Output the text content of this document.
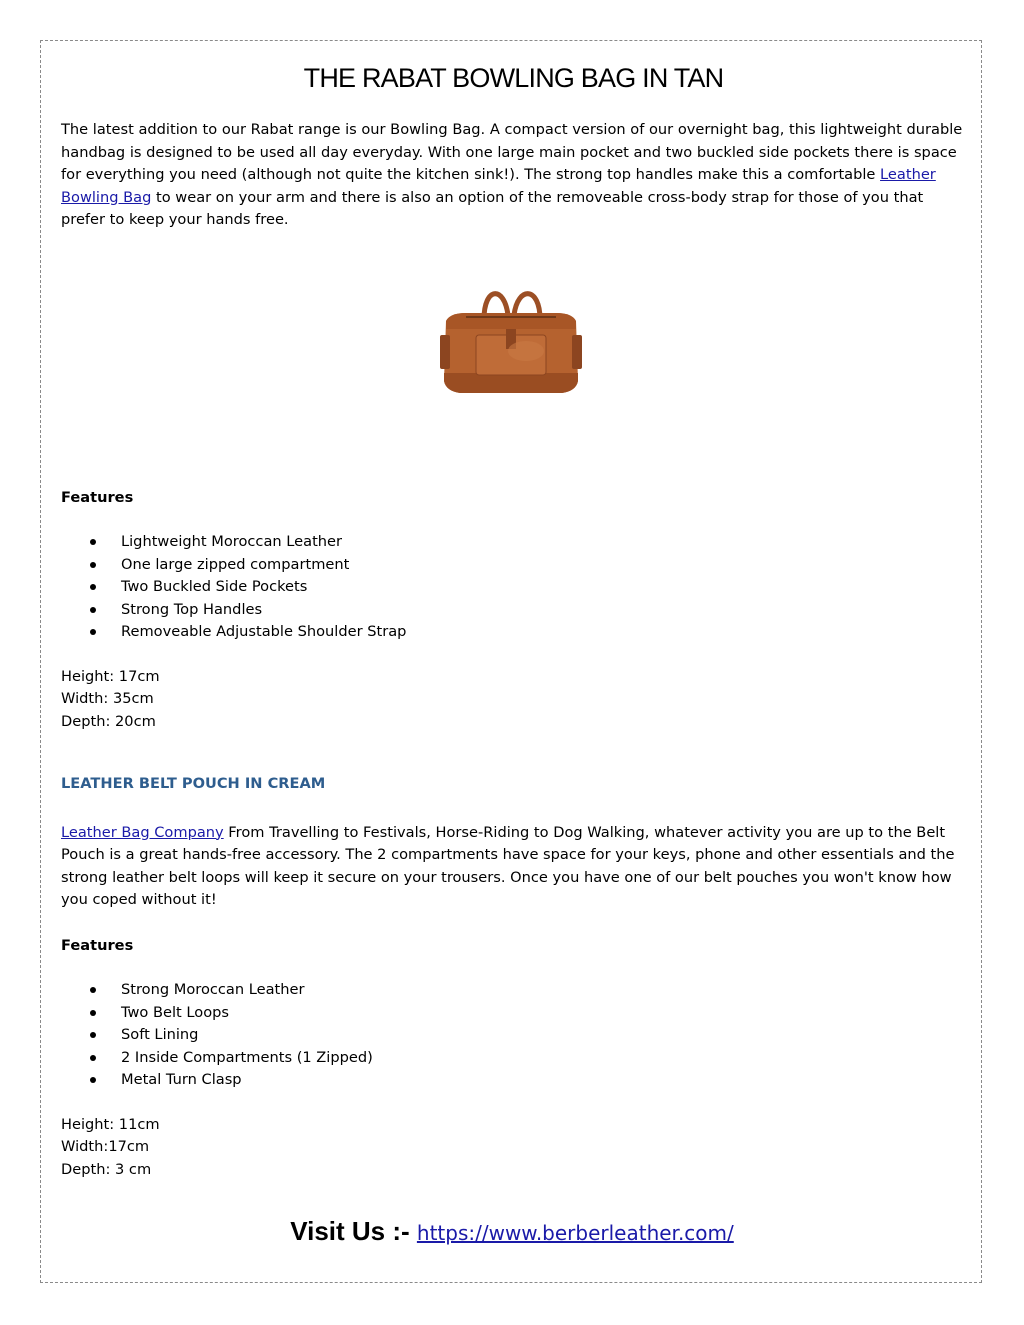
THE RABAT BOWLING BAG IN TAN

The latest addition to our Rabat range is our Bowling Bag. A compact version of our overnight bag, this lightweight durable handbag is designed to be used all day everyday. With one large main pocket and two buckled side pockets there is space for everything you need (although not quite the kitchen sink!). The strong top handles make this a comfortable Leather Bowling Bag to wear on your arm and there is also an option of the removeable cross-body strap for those of you that prefer to keep your hands free.

Features

Lightweight Moroccan Leather
One large zipped compartment
Two Buckled Side Pockets
Strong Top Handles
Removeable Adjustable Shoulder Strap

Height: 17cm

Width: 35cm

Depth: 20cm

LEATHER BELT POUCH IN CREAM

Leather Bag Company From Travelling to Festivals, Horse-Riding to Dog Walking, whatever activity you are up to the Belt Pouch is a great hands-free accessory. The 2 compartments have space for your keys, phone and other essentials and the strong leather belt loops will keep it secure on your trousers. Once you have one of our belt pouches you won't know how you coped without it!

Features

Strong Moroccan Leather
Two Belt Loops
Soft Lining
2 Inside Compartments (1 Zipped)
Metal Turn Clasp

Height: 11cm

Width:17cm

Depth: 3 cm

Visit Us :- https://www.berberleather.com/
